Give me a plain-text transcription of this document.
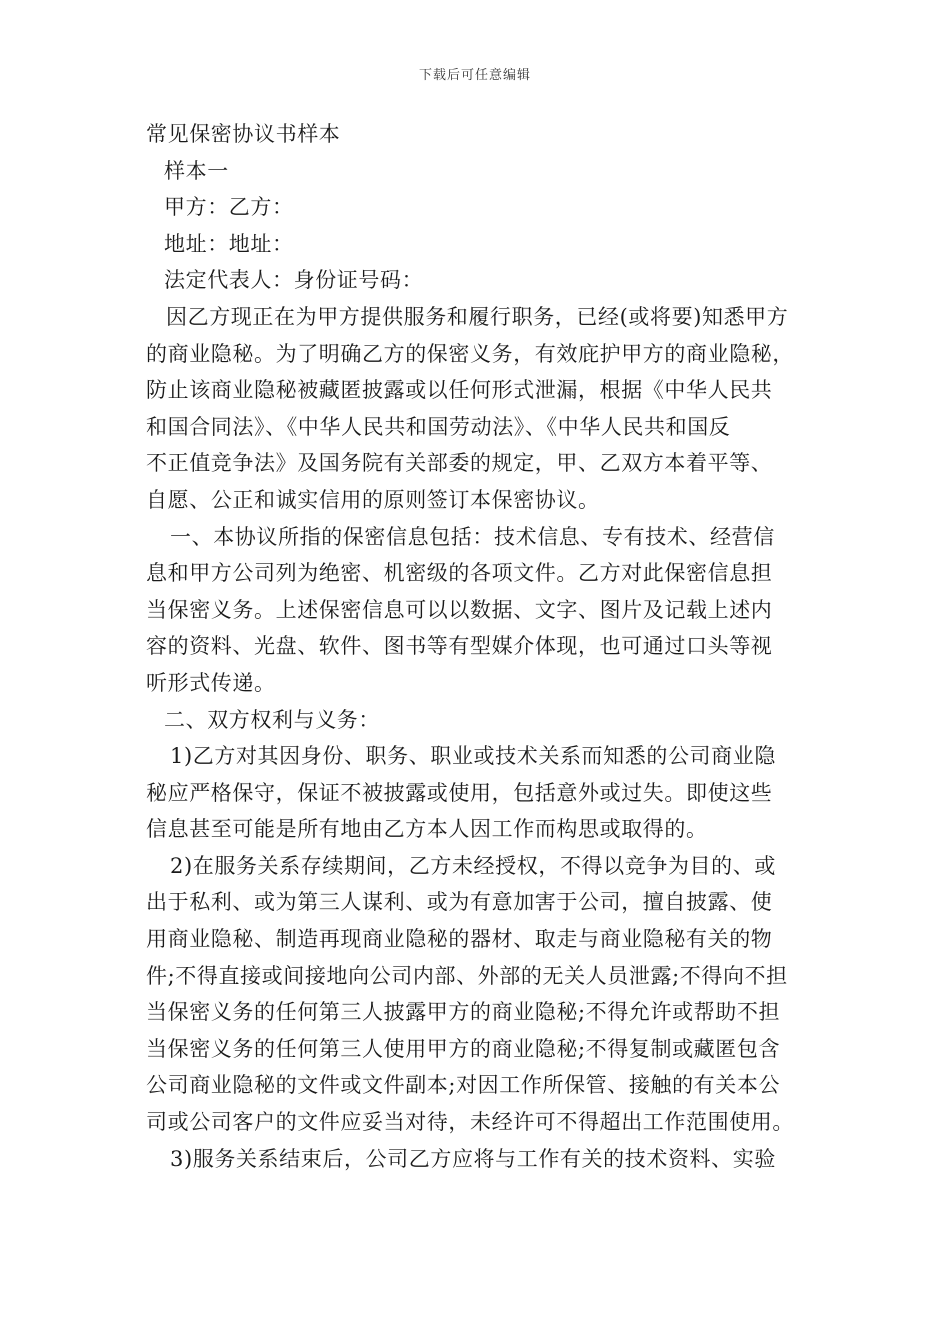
下载后可任意编辑
常见保密协议书样本
样本一
甲方：乙方：
地址：地址：
法定代表人：身份证号码：
因乙方现正在为甲方提供服务和履行职务，已经(或将要)知悉甲方
的商业隐秘。为了明确乙方的保密义务，有效庇护甲方的商业隐秘，
防止该商业隐秘被藏匿披露或以任何形式泄漏，根据《中华人民共
和国合同法》、《中华人民共和国劳动法》、《中华人民共和国反
不正值竞争法》及国务院有关部委的规定，甲、乙双方本着平等、
自愿、公正和诚实信用的原则签订本保密协议。
一、本协议所指的保密信息包括：技术信息、专有技术、经营信
息和甲方公司列为绝密、机密级的各项文件。乙方对此保密信息担
当保密义务。上述保密信息可以以数据、文字、图片及记载上述内
容的资料、光盘、软件、图书等有型媒介体现，也可通过口头等视
听形式传递。
二、双方权利与义务：
1)乙方对其因身份、职务、职业或技术关系而知悉的公司商业隐
秘应严格保守，保证不被披露或使用，包括意外或过失。即使这些
信息甚至可能是所有地由乙方本人因工作而构思或取得的。
2)在服务关系存续期间，乙方未经授权，不得以竞争为目的、或
出于私利、或为第三人谋利、或为有意加害于公司，擅自披露、使
用商业隐秘、制造再现商业隐秘的器材、取走与商业隐秘有关的物
件;不得直接或间接地向公司内部、外部的无关人员泄露;不得向不担
当保密义务的任何第三人披露甲方的商业隐秘;不得允许或帮助不担
当保密义务的任何第三人使用甲方的商业隐秘;不得复制或藏匿包含
公司商业隐秘的文件或文件副本;对因工作所保管、接触的有关本公
司或公司客户的文件应妥当对待，未经许可不得超出工作范围使用。
3)服务关系结束后，公司乙方应将与工作有关的技术资料、实验
